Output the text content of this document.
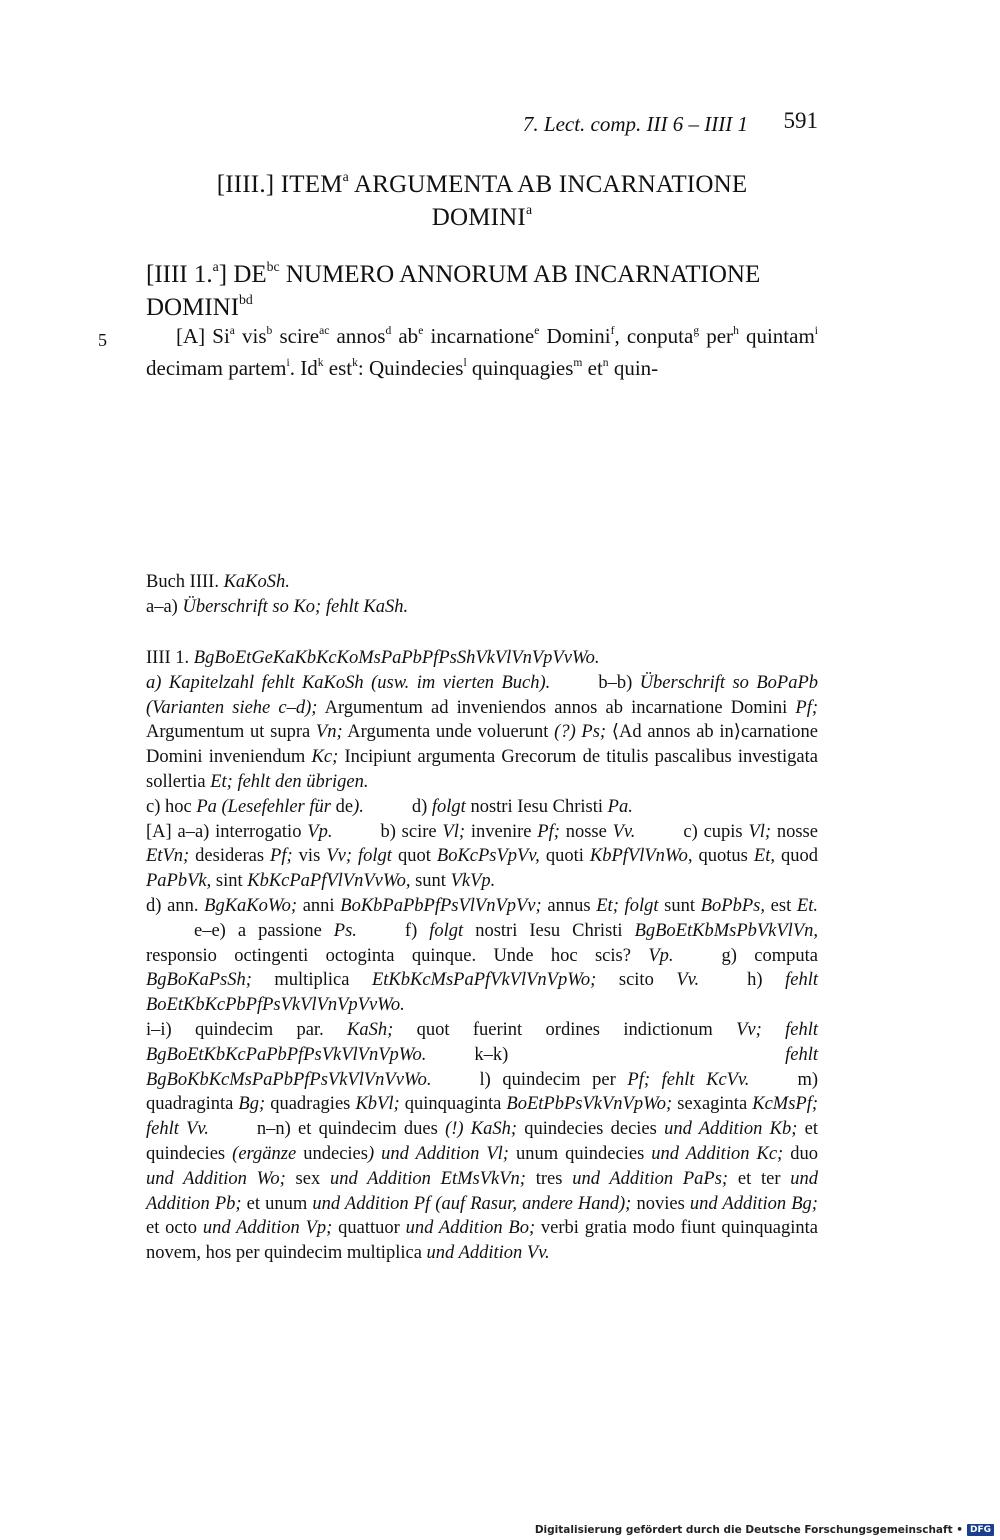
7. Lect. comp. III 6 – IIII 1 591
[IIII.] ITEM$^a$ ARGUMENTA AB INCARNATIONE
DOMINI$^a$
[IIII 1.$^a$] $DE^{bc}$ NUMERO ANNORUM AB INCARNATIONE
$DOMINI^{bd}$
5	[A] Si$^a$ vis$^b$ scire$^{ac}$ annos$^d$ $ab^e$ incarnatione$^e$ Domini$^f$, conputa$^g$ per$^h$ quintam$^i$ decimam partem$^i$. Id$^k$ est$^k$: Quindecies$^l$ quinquagies$^m$ $et^n$ quin-

Buch IIII. KaKoSh.

a–a) Überschrift so Ko; fehlt KaSh.

IIII 1. BgBoEtGeKaKbKcKoMsPaPbPfPsShVkVlVnVpVvWo.

a) Kapitelzahl fehlt KaKoSh (usw. im vierten Buch).	b–b) Überschrift so BoPaPb (Varianten siehe c–d); Argumentum ad inveniendos annos ab incarnatione Domini Pf; Argumentum ut supra Vn; Argumenta unde voluerunt (?) Ps; ⟨Ad annos ab in⟩carnatione Domini inveniendum Kc; Incipiunt argumenta Grecorum de titulis pascalibus investigata sollertia Et; fehlt den übrigen.
c) hoc Pa (Lesefehler für de).	d) folgt nostri Iesu Christi Pa.

[A] a–a) interrogatio Vp.	b) scire Vl; invenire Pf; nosse Vv.	c) cupis Vl; nosse EtVn; desideras Pf; vis Vv; folgt quot BoKcPsVpVv, quoti KbPfVlVnWo, quotus Et, quod PaPbVk, sint KbKcPaPfVlVnVvWo, sunt VkVp.
d) ann. BgKaKoWo; anni BoKbPaPbPfPsVlVnVpVv; annus Et; folgt sunt BoPbPs, est Et.e–e) a passione Ps.	f) folgt nostri Iesu Christi BgBoEtKbMsPbVkVlVn, responsio octingenti octoginta quinque. Unde hoc scis? Vp.	g) computa BgBoKaPsSh; multiplica EtKbKcMsPaPfVkVlVnVpWo; scito Vv.	h) fehlt BoEtKbKcPbPfPsVkVlVnVpVvWo.
i–i) quindecim par. KaSh; quot fuerint ordines indictionum Vv; fehlt BgBoEtKbKcPaPbPfPsVkVlVnVpWo.	k–k) fehlt BgBoKbKcMsPaPbPfPsVkVlVnVvWo.	l) quindecim per Pf; fehlt KcVv.	m) quadraginta Bg; quadragies KbVl; quinquaginta BoEtPbPsVkVnVpWo; sexaginta KcMsPf; fehlt Vv.	n–n) et quindecim dues (!) KaSh; quindecies decies und Addition Kb; et quindecies (ergänze undecies) und Addition Vl; unum quindecies und Addition Kc; duo und Addition Wo; sex und Addition EtMsVkVn; tres und Addition PaPs; et ter und Addition Pb; et unum und Addition Pf (auf Rasur, andere Hand); novies und Addition Bg; et octo und Addition Vp; quattuor und Addition Bo; verbi gratia modo fiunt quinquaginta novem, hos per quindecim multiplica und Addition Vv.

Digitalisierung gefördert durch die Deutsche Forschungsgemeinschaft • DFG
